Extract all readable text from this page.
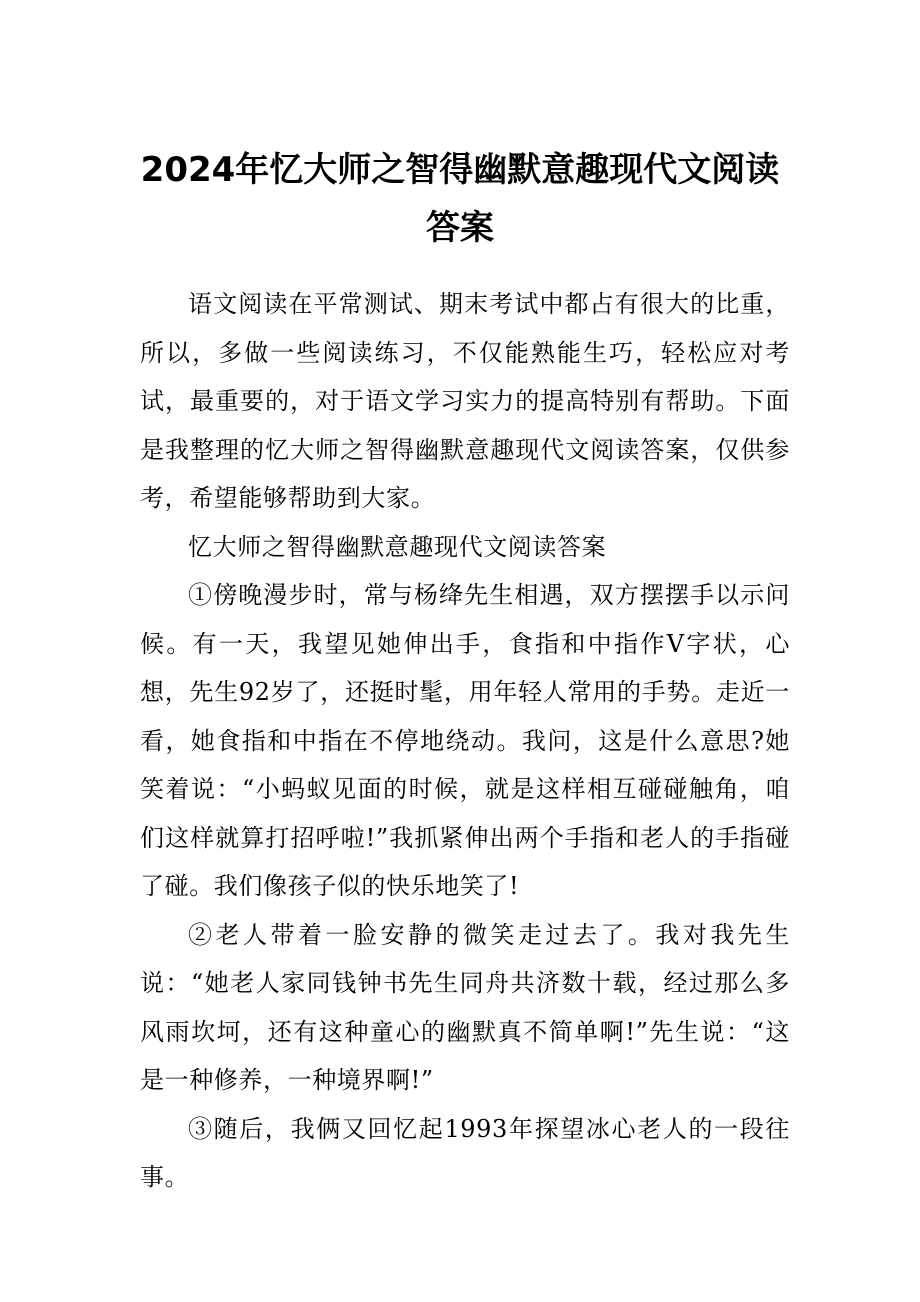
2024年忆大师之智得幽默意趣现代文阅读
答案

语文阅读在平常测试、期末考试中都占有很大的比重，所以，多做一些阅读练习，不仅能熟能生巧，轻松应对考试，最重要的，对于语文学习实力的提高特别有帮助。下面是我整理的忆大师之智得幽默意趣现代文阅读答案，仅供参考，希望能够帮助到大家。

忆大师之智得幽默意趣现代文阅读答案

①傍晚漫步时，常与杨绛先生相遇，双方摆摆手以示问候。有一天，我望见她伸出手，食指和中指作Ⅴ字状，心想，先生92岁了，还挺时髦，用年轻人常用的手势。走近一看，她食指和中指在不停地绕动。我问，这是什么意思?她笑着说：“小蚂蚁见面的时候，就是这样相互碰碰触角，咱们这样就算打招呼啦!”我抓紧伸出两个手指和老人的手指碰了碰。我们像孩子似的快乐地笑了!

②老人带着一脸安静的微笑走过去了。我对我先生说：“她老人家同钱钟书先生同舟共济数十载，经过那么多风雨坎坷，还有这种童心的幽默真不简单啊!”先生说：“这是一种修养，一种境界啊!”

③随后，我俩又回忆起1993年探望冰心老人的一段往事。
